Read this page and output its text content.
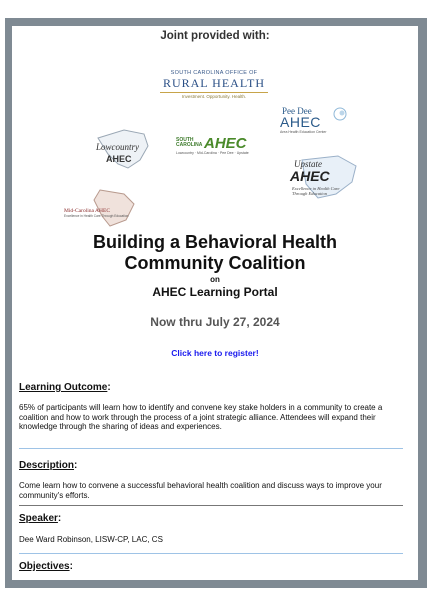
Joint provided with:
SOUTH CAROLINA OFFICE OF
RURAL HEALTH
Investment. Opportunity. Health.
Lowcountry
AHEC
SOUTH
CAROLINA AHEC
Lowcountry · Mid-Carolina · Pee Dee · Upstate
Pee Dee
AHEC
Area Health Education Center
Upstate
AHEC
Excellence in Health Care Through Education
Mid-Carolina AHEC
Excellence in Health Care Through Education
Building a Behavioral Health
Community Coalition
on
AHEC Learning Portal
Now thru July 27, 2024
Click here to register!
Learning Outcome:
65% of participants will learn how to identify and convene key stake holders in a community to create a coalition and how to work through the process of a joint strategic alliance. Attendees will expand their knowledge through the sharing of ideas and experiences.
Description:
Come learn how to convene a successful behavioral health coalition and discuss ways to improve your community's efforts.
Speaker:
Dee Ward Robinson, LISW-CP, LAC, CS
Objectives:
